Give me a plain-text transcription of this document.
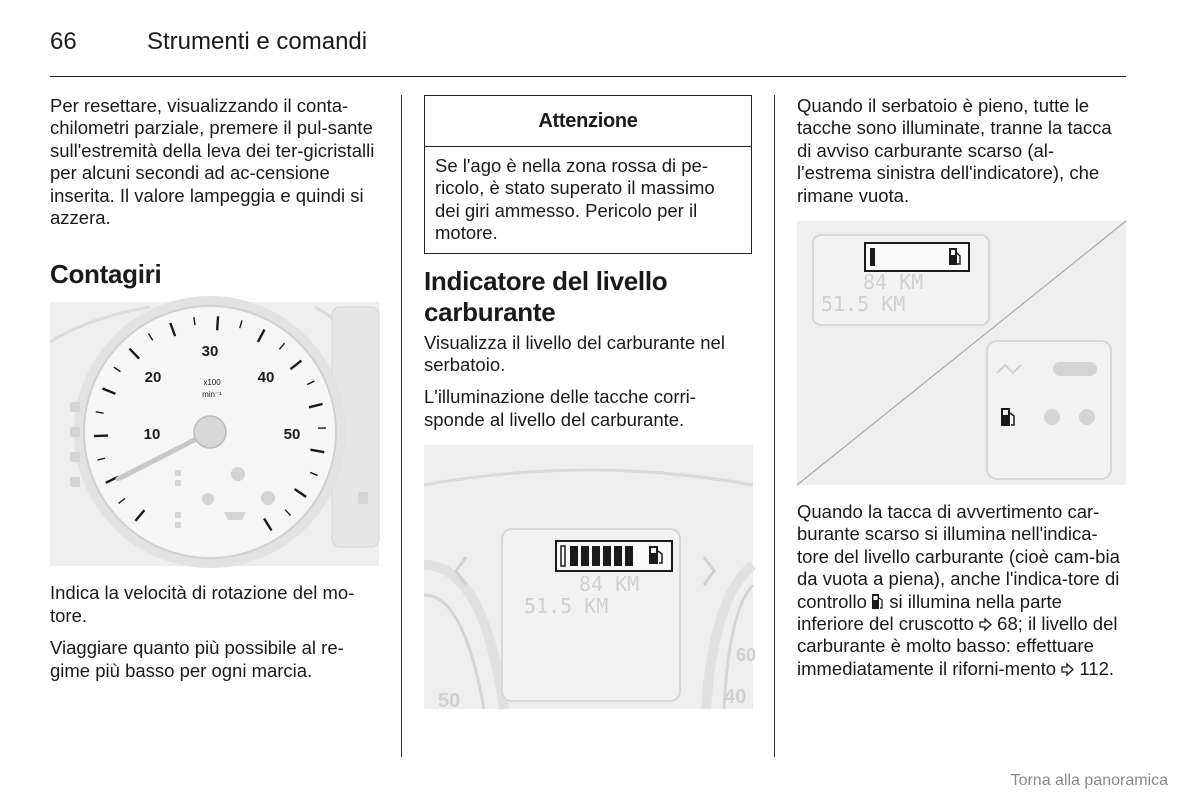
66	Strumenti e comandi

Per resettare, visualizzando il conta-chilometri parziale, premere il pul-sante sull'estremità della leva dei ter-gicristalli per alcuni secondi ad ac-censione inserita. Il valore lampeggia e quindi si azzera.

Contagiri
10
20
30
40
50
x100
min⁻¹

Indica la velocità di rotazione del mo-tore.

Viaggiare quanto più possibile al re-gime più basso per ogni marcia.

Attenzione
Se l'ago è nella zona rossa di pe-ricolo, è stato superato il massimo dei giri ammesso. Pericolo per il motore.
Indicatore del livello carburante

Visualizza il livello del carburante nel serbatoio.

L'illuminazione delle tacche corri-sponde al livello del carburante.

84 KM
51.5 KM
50
60
40

Quando il serbatoio è pieno, tutte le tacche sono illuminate, tranne la tacca di avviso carburante scarso (al-l'estrema sinistra dell'indicatore), che rimane vuota.

84 KM
51.5 KM

Quando la tacca di avvertimento car-burante scarso si illumina nell'indica-tore del livello carburante (cioè cam-bia da vuota a piena), anche l'indica-tore di controllo si illumina nella parte inferiore del cruscotto 68; il livello del carburante è molto basso: effettuare immediatamente il riforni-mento 112.

Torna alla panoramica
